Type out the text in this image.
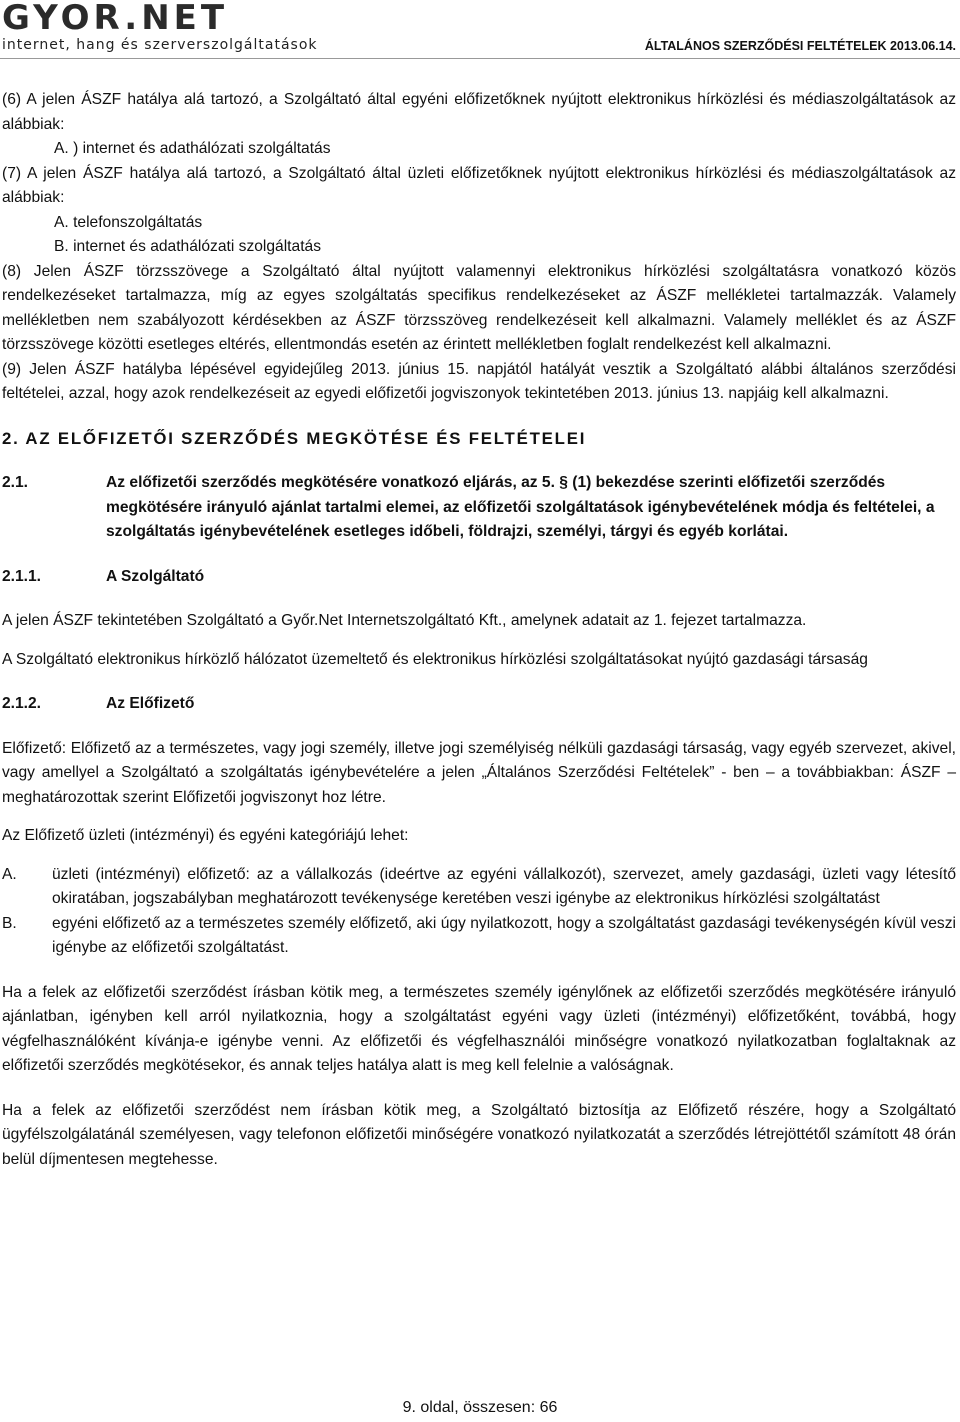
GYOR.NET
internet, hang és szerverszolgáltatások	ÁLTALÁNOS SZERZŐDÉSI FELTÉTELEK 2013.06.14.

(6) A jelen ÁSZF hatálya alá tartozó, a Szolgáltató által egyéni előfizetőknek nyújtott elektronikus hírközlési és médiaszolgáltatások az alábbiak:

A. ) internet és adathálózati szolgáltatás

(7) A jelen ÁSZF hatálya alá tartozó, a Szolgáltató által üzleti előfizetőknek nyújtott elektronikus hírközlési és médiaszolgáltatások az alábbiak:

A. telefonszolgáltatás

B. internet és adathálózati szolgáltatás

(8) Jelen ÁSZF törzsszövege a Szolgáltató által nyújtott valamennyi elektronikus hírközlési szolgáltatásra vonatkozó közös rendelkezéseket tartalmazza, míg az egyes szolgáltatás specifikus rendelkezéseket az ÁSZF mellékletei tartalmazzák. Valamely mellékletben nem szabályozott kérdésekben az ÁSZF törzsszöveg rendelkezéseit kell alkalmazni. Valamely melléklet és az ÁSZF törzsszövege közötti esetleges eltérés, ellentmondás esetén az érintett mellékletben foglalt rendelkezést kell alkalmazni.

(9) Jelen ÁSZF hatályba lépésével egyidejűleg 2013. június 15. napjától hatályát vesztik a Szolgáltató alábbi általános szerződési feltételei, azzal, hogy azok rendelkezéseit az egyedi előfizetői jogviszonyok tekintetében 2013. június 13. napjáig kell alkalmazni.

2. AZ ELŐFIZETŐI SZERZŐDÉS MEGKÖTÉSE ÉS FELTÉTELEI

2.1.	Az előfizetői szerződés megkötésére vonatkozó eljárás, az 5. § (1) bekezdése szerinti előfizetői szerződés megkötésére irányuló ajánlat tartalmi elemei, az előfizetői szolgáltatások igénybevételének módja és feltételei, a szolgáltatás igénybevételének esetleges időbeli, földrajzi, személyi, tárgyi és egyéb korlátai.
2.1.1.	A Szolgáltató

A jelen ÁSZF tekintetében Szolgáltató a Győr.Net Internetszolgáltató Kft., amelynek adatait az 1. fejezet tartalmazza.

A Szolgáltató elektronikus hírközlő hálózatot üzemeltető és elektronikus hírközlési szolgáltatásokat nyújtó gazdasági társaság

2.1.2.	Az Előfizető

Előfizető: Előfizető az a természetes, vagy jogi személy, illetve jogi személyiség nélküli gazdasági társaság, vagy egyéb szervezet, akivel, vagy amellyel a Szolgáltató a szolgáltatás igénybevételére a jelen „Általános Szerződési Feltételek” - ben – a továbbiakban: ÁSZF – meghatározottak szerint Előfizetői jogviszonyt hoz létre.

Az Előfizető üzleti (intézményi) és egyéni kategóriájú lehet:

A.	üzleti (intézményi) előfizető: az a vállalkozás (ideértve az egyéni vállalkozót), szervezet, amely gazdasági, üzleti vagy létesítő okiratában, jogszabályban meghatározott tevékenysége keretében veszi igénybe az elektronikus hírközlési szolgáltatást
B.	egyéni előfizető az a természetes személy előfizető, aki úgy nyilatkozott, hogy a szolgáltatást gazdasági tevékenységén kívül veszi igénybe az előfizetői szolgáltatást.

Ha a felek az előfizetői szerződést írásban kötik meg, a természetes személy igénylőnek az előfizetői szerződés megkötésére irányuló ajánlatban, igényben kell arról nyilatkoznia, hogy a szolgáltatást egyéni vagy üzleti (intézményi) előfizetőként, továbbá, hogy végfelhasználóként kívánja-e igénybe venni. Az előfizetői és végfelhasználói minőségre vonatkozó nyilatkozatban foglaltaknak az előfizetői szerződés megkötésekor, és annak teljes hatálya alatt is meg kell felelnie a valóságnak.

Ha a felek az előfizetői szerződést nem írásban kötik meg, a Szolgáltató biztosítja az Előfizető részére, hogy a Szolgáltató ügyfélszolgálatánál személyesen, vagy telefonon előfizetői minőségére vonatkozó nyilatkozatát a szerződés létrejöttétől számított 48 órán belül díjmentesen megtehesse.

9. oldal, összesen: 66
